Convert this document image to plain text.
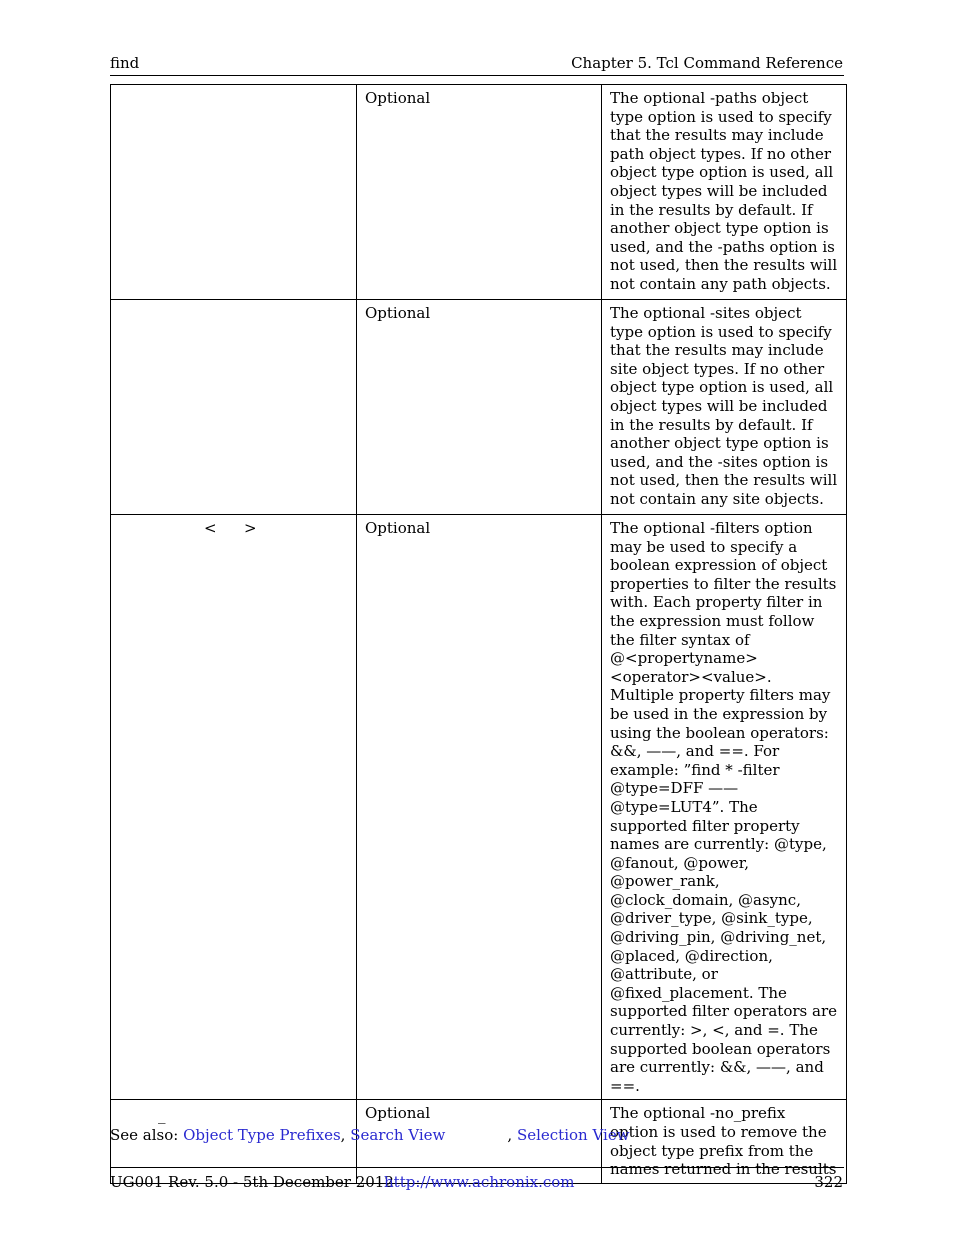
find	Chapter 5. Tcl Command Reference
	Optional	The optional -paths object type option is used to specify that the results may include path object types. If no other object type option is used, all object types will be included in the results by default. If another object type option is used, and the -paths option is not used, then the results will not contain any path objects.
	Optional	The optional -sites object type option is used to specify that the results may include site object types. If no other object type option is used, all object types will be included in the results by default. If another object type option is used, and the -sites option is not used, then the results will not contain any site objects.

< >	Optional	The optional -filters option may be used to specify a boolean expression of object properties to filter the results with. Each property filter in the expression must follow the filter syntax of @<propertyname><operator><value>. Multiple property filters may be used in the expression by using the boolean operators: &&, ——, and ==. For example: ”find * -filter @type=DFF —— @type=LUT4”. The supported filter property names are currently: @type, @fanout, @power, @power_rank, @clock_domain, @async, @driver_type, @sink_type, @driving_pin, @driving_net, @placed, @direction, @attribute, or @fixed_placement. The supported filter operators are currently: >, <, and =. The supported boolean operators are currently: &&, ——, and ==.

_	Optional	The optional -no_prefix option is used to remove the object type prefix from the names returned in the results
See also: Object Type Prefixes, Search View	, Selection View
UG001 Rev. 5.0 - 5th December 2012
http://www.achronix.com	322
